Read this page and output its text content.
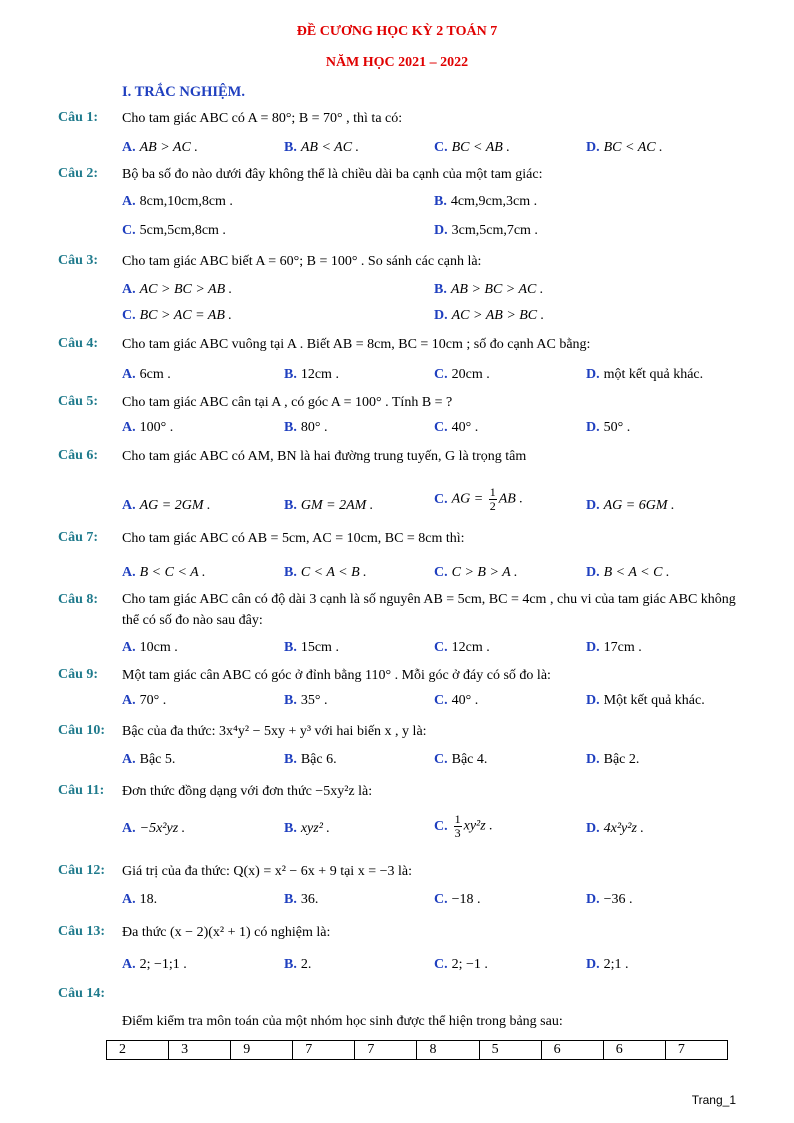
ĐỀ CƯƠNG HỌC KỲ 2 TOÁN 7
NĂM HỌC 2021 – 2022
I. TRẮC NGHIỆM.
Câu 1: Cho tam giác ABC có A = 80°; B = 70° , thì ta có:
A. AB > AC .	B. AB < AC .	C. BC < AB .	D. BC < AC .
Câu 2: Bộ ba số đo nào dưới đây không thể là chiều dài ba cạnh của một tam giác:
A. 8cm,10cm,8cm .	B. 4cm,9cm,3cm .
C. 5cm,5cm,8cm .	D. 3cm,5cm,7cm .
Câu 3: Cho tam giác ABC biết A = 60°; B = 100° . So sánh các cạnh là:
A. AC > BC > AB .	B. AB > BC > AC .
C. BC > AC = AB .	D. AC > AB > BC .
Câu 4: Cho tam giác ABC vuông tại A . Biết AB = 8cm, BC = 10cm ; số đo cạnh AC bằng:
A. 6cm .	B. 12cm .	C. 20cm .	D. một kết quả khác.
Câu 5: Cho tam giác ABC cân tại A , có góc A = 100° . Tính B = ?
A. 100° .	B. 80° .	C. 40° .	D. 50° .
Câu 6: Cho tam giác ABC có AM, BN là hai đường trung tuyến, G là trọng tâm
A. AG = 2GM .	B. GM = 2AM .	C. AG = $\frac{1}{2}$ AB .	D. AG = 6GM .
Câu 7: Cho tam giác ABC có AB = 5cm, AC = 10cm, BC = 8cm thì:
A. B < C < A .	B. C < A < B .	C. C > B > A .	D. B < A < C .
Câu 8: Cho tam giác ABC cân có độ dài 3 cạnh là số nguyên AB = 5cm, BC = 4cm , chu vi của tam giác ABC không thể có số đo nào sau đây:
A. 10cm .	B. 15cm .	C. 12cm .	D. 17cm .
Câu 9: Một tam giác cân ABC có góc ở đỉnh bằng 110° . Mỗi góc ở đáy có số đo là:
A. 70° .	B. 35° .	C. 40° .	D. Một kết quả khác.
Câu 10: Bậc của đa thức: 3x⁴y² − 5xy + y³ với hai biến x , y là:
A. Bậc 5.	B. Bậc 6.	C. Bậc 4.	D. Bậc 2.
Câu 11: Đơn thức đồng dạng với đơn thức −5xy²z là:
A. −5x²yz .	B. xyz² .	C. $\frac{1}{3} xy^2z$ .	D. 4x²y²z .
Câu 12: Giá trị của đa thức: Q(x) = x² − 6x + 9 tại x = −3 là:
A. 18.	B. 36.	C. −18 .	D. −36 .
Câu 13: Đa thức (x − 2)(x² + 1) có nghiệm là:
A. 2; −1;1 .	B. 2.	C. 2; −1 .	D. 2;1 .
Câu 14:
Điểm kiểm tra môn toán của một nhóm học sinh được thể hiện trong bảng sau:
2	3	9	7	7	8	5	6	6	7
Trang_1
